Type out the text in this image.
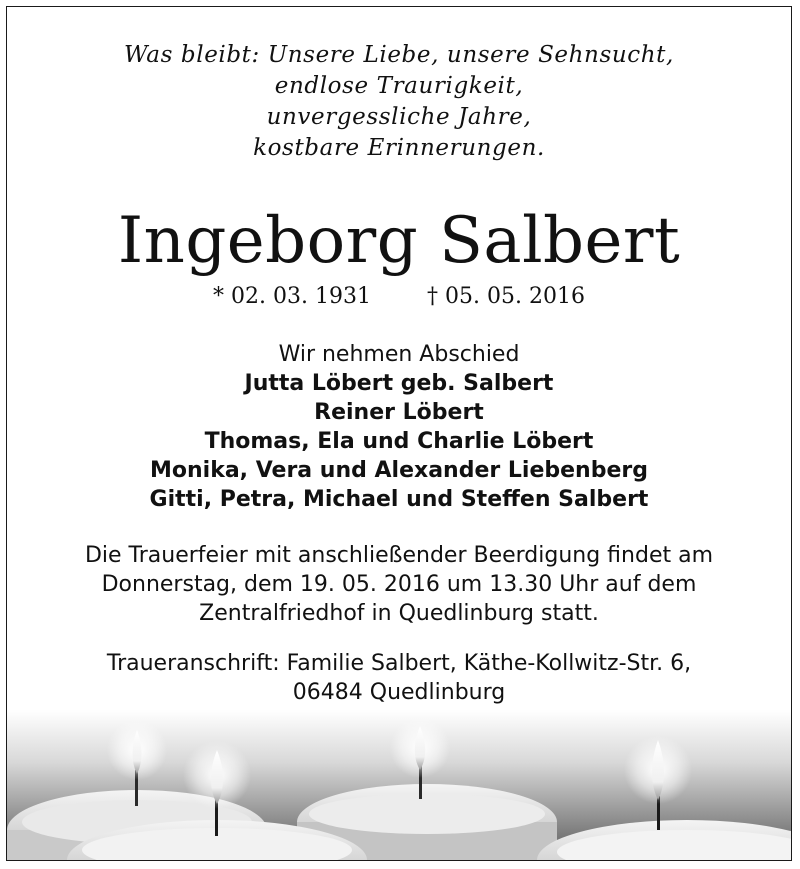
Was bleibt: Unsere Liebe, unsere Sehnsucht,
endlose Traurigkeit,
unvergessliche Jahre,
kostbare Erinnerungen.
Ingeborg Salbert
* 02. 03. 1931	† 05. 05. 2016
Wir nehmen Abschied
Jutta Löbert geb. Salbert
Reiner Löbert
Thomas, Ela und Charlie Löbert
Monika, Vera und Alexander Liebenberg
Gitti, Petra, Michael und Steffen Salbert
Die Trauerfeier mit anschließender Beerdigung findet am
Donnerstag, dem 19. 05. 2016 um 13.30 Uhr auf dem
Zentralfriedhof in Quedlinburg statt.
Traueranschrift: Familie Salbert, Käthe-Kollwitz-Str. 6,
06484 Quedlinburg
